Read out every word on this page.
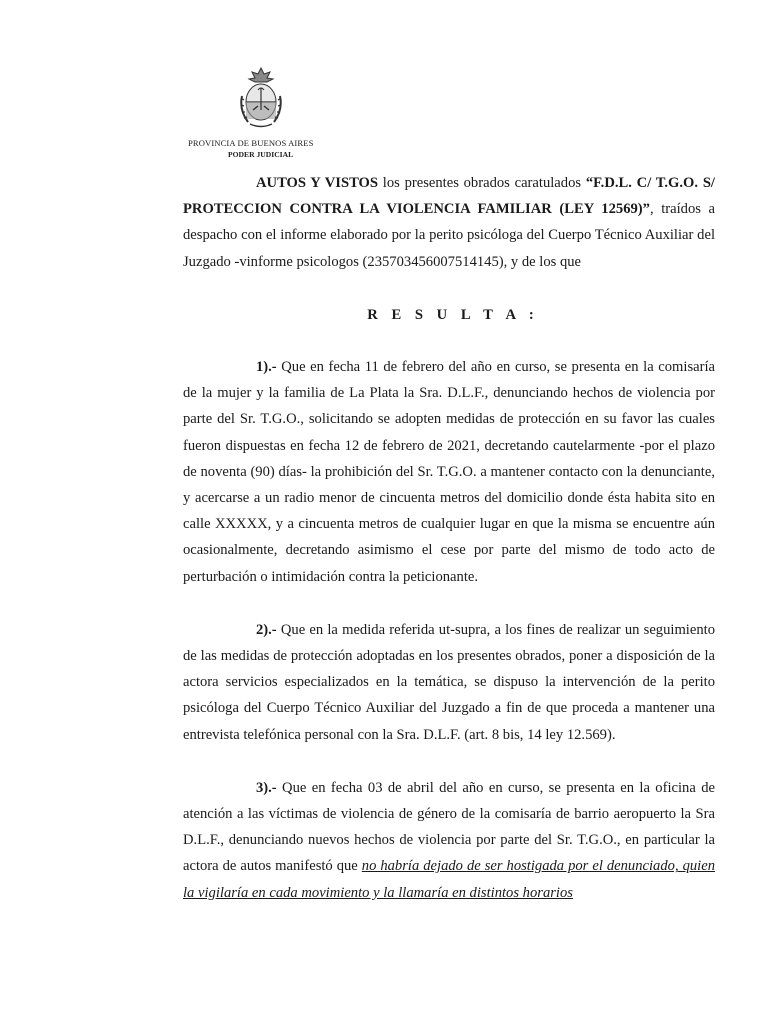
PROVINCIA DE BUENOS AIRES
PODER JUDICIAL

AUTOS Y VISTOS los presentes obrados caratulados “F.D.L. C/ T.G.O. S/ PROTECCION CONTRA LA VIOLENCIA FAMILIAR (LEY 12569)”, traídos a despacho con el informe elaborado por la perito psicóloga del Cuerpo Técnico Auxiliar del Juzgado -vinforme psicologos (235703456007514145), y de los que

R E S U L T A :

1).- Que en fecha 11 de febrero del año en curso, se presenta en la comisaría de la mujer y la familia de La Plata la Sra. D.L.F., denunciando hechos de violencia por parte del Sr. T.G.O., solicitando se adopten medidas de protección en su favor las cuales fueron dispuestas en fecha 12 de febrero de 2021, decretando cautelarmente -por el plazo de noventa (90) días- la prohibición del Sr. T.G.O. a mantener contacto con la denunciante, y acercarse a un radio menor de cincuenta metros del domicilio donde ésta habita sito en calle XXXXX, y a cincuenta metros de cualquier lugar en que la misma se encuentre aún ocasionalmente, decretando asimismo el cese por parte del mismo de todo acto de perturbación o intimidación contra la peticionante.

2).- Que en la medida referida ut-supra, a los fines de realizar un seguimiento de las medidas de protección adoptadas en los presentes obrados, poner a disposición de la actora servicios especializados en la temática, se dispuso la intervención de la perito psicóloga del Cuerpo Técnico Auxiliar del Juzgado a fin de que proceda a mantener una entrevista telefónica personal con la Sra. D.L.F. (art. 8 bis, 14 ley 12.569).

3).- Que en fecha 03 de abril del año en curso, se presenta en la oficina de atención a las víctimas de violencia de género de la comisaría de barrio aeropuerto la Sra D.L.F., denunciando nuevos hechos de violencia por parte del Sr. T.G.O., en particular la actora de autos manifestó que no habría dejado de ser hostigada por el denunciado, quien la vigilaría en cada movimiento y la llamaría en distintos horarios
